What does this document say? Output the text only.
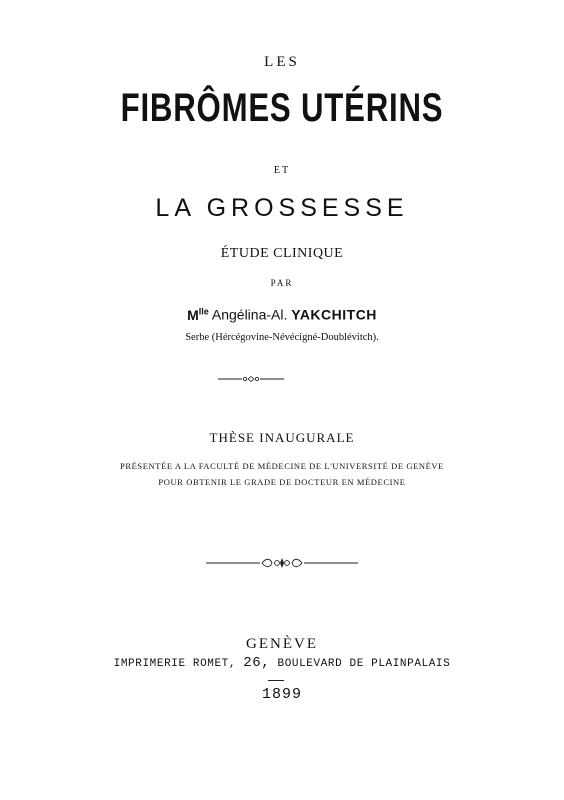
LES
FIBRÔMES UTÉRINS
ET
LA GROSSESSE
ÉTUDE CLINIQUE
PAR
$M^{lle}$ Angélina-Al. YAKCHITCH
Serbe (Hércégovine-Névécigné-Doublévitch).
THÈSE INAUGURALE
PRÉSENTÉE A LA FACULTÉ DE MÉDECINE DE L'UNIVERSITÉ DE GENÈVE
POUR OBTENIR LE GRADE DE DOCTEUR EN MÉDECINE
GENÈVE
IMPRIMERIE ROMET, 26, BOULEVARD DE PLAINPALAIS
1899
